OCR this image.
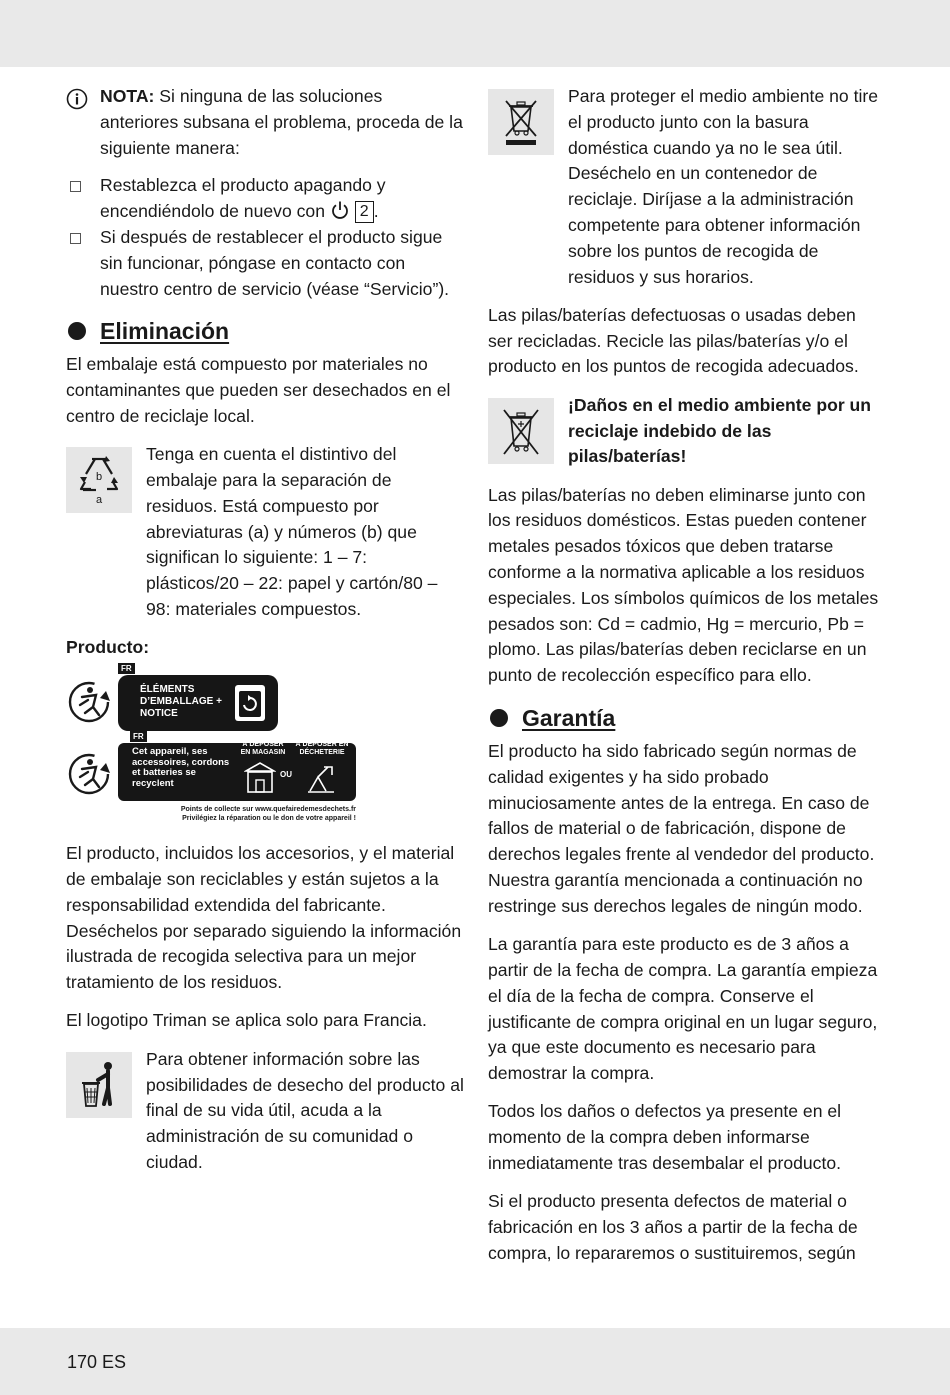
170 ES

NOTA: Si ninguna de las soluciones anteriores subsana el problema, proceda de la siguiente manera:

Restablezca el producto apagando y encendiéndolo de nuevo con  2 .
Si después de restablecer el producto sigue sin funcionar, póngase en contacto con nuestro centro de servicio (véase “Servicio”).
Eliminación

El embalaje está compuesto por materiales no contaminantes que pueden ser desechados en el centro de reciclaje local.

b
a

Tenga en cuenta el distintivo del embalaje para la separación de residuos. Está compuesto por abreviaturas (a) y números (b) que significan lo siguiente: 1 – 7: plásticos/20 – 22: papel y cartón/80 – 98: materiales compuestos.

Producto:
FR
ÉLÉMENTS D’EMBALLAGE + NOTICE
FR
Cet appareil, ses accessoires, cordons et batteries se recyclent
À DÉPOSER EN MAGASIN
À DÉPOSER EN DÉCHETERIE
OU
Points de collecte sur www.quefairedemesdechets.fr
Privilégiez la réparation ou le don de votre appareil !

El producto, incluidos los accesorios, y el material de embalaje son reciclables y están sujetos a la responsabilidad extendida del fabricante.

Deséchelos por separado siguiendo la información ilustrada de recogida selectiva para un mejor tratamiento de los residuos.

El logotipo Triman se aplica solo para Francia.

Para obtener información sobre las posibilidades de desecho del producto al final de su vida útil, acuda a la administración de su comunidad o ciudad.

Para proteger el medio ambiente no tire el producto junto con la basura doméstica cuando ya no le sea útil. Deséchelo en un contenedor de reciclaje. Diríjase a la administración competente para obtener información sobre los puntos de recogida de residuos y sus horarios.

Las pilas/baterías defectuosas o usadas deben ser recicladas. Recicle las pilas/baterías y/o el producto en los puntos de recogida adecuados.

¡Daños en el medio ambiente por un reciclaje indebido de las pilas/baterías!

Las pilas/baterías no deben eliminarse junto con los residuos domésticos. Estas pueden contener metales pesados tóxicos que deben tratarse conforme a la normativa aplicable a los residuos especiales. Los símbolos químicos de los metales pesados son: Cd = cadmio, Hg = mercurio, Pb = plomo. Las pilas/baterías deben reciclarse en un punto de recolección específico para ello.

Garantía

El producto ha sido fabricado según normas de calidad exigentes y ha sido probado minuciosamente antes de la entrega. En caso de fallos de material o de fabricación, dispone de derechos legales frente al vendedor del producto. Nuestra garantía mencionada a continuación no restringe sus derechos legales de ningún modo.

La garantía para este producto es de 3 años a partir de la fecha de compra. La garantía empieza el día de la fecha de compra. Conserve el justificante de compra original en un lugar seguro, ya que este documento es necesario para demostrar la compra.

Todos los daños o defectos ya presente en el momento de la compra deben informarse inmediatamente tras desembalar el producto.

Si el producto presenta defectos de material o fabricación en los 3 años a partir de la fecha de compra, lo repararemos o sustituiremos, según
